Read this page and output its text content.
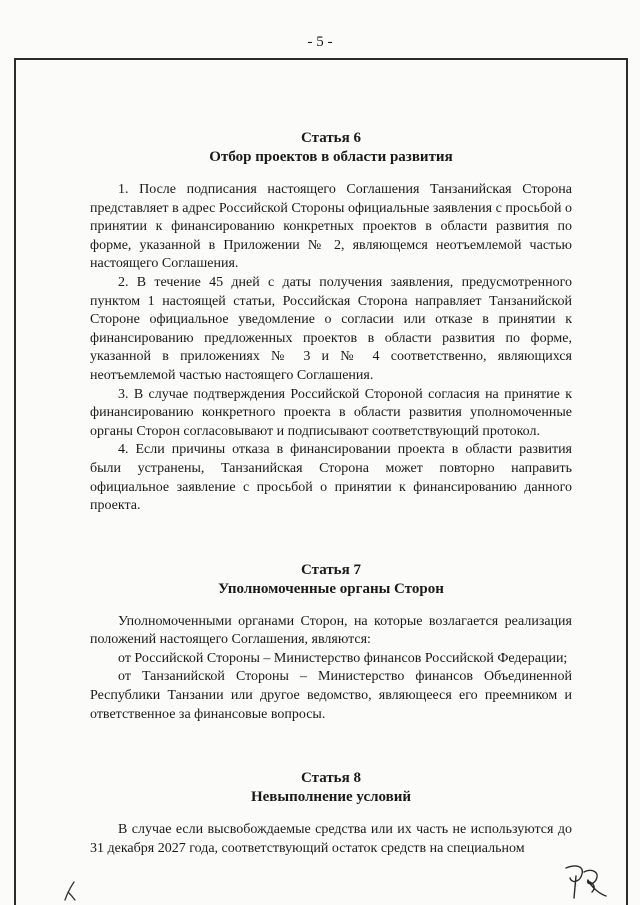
- 5 -

Статья 6

Отбор проектов в области развития

1. После подписания настоящего Соглашения Танзанийская Сторона представляет в адрес Российской Стороны официальные заявления с просьбой о принятии к финансированию конкретных проектов в области развития по форме, указанной в Приложении № 2, являющемся неотъемлемой частью настоящего Соглашения.

2. В течение 45 дней с даты получения заявления, предусмотренного пунктом 1 настоящей статьи, Российская Сторона направляет Танзанийской Стороне официальное уведомление о согласии или отказе в принятии к финансированию предложенных проектов в области развития по форме, указанной в приложениях № 3 и № 4 соответственно, являющихся неотъемлемой частью настоящего Соглашения.

3. В случае подтверждения Российской Стороной согласия на принятие к финансированию конкретного проекта в области развития уполномоченные органы Сторон согласовывают и подписывают соответствующий протокол.

4. Если причины отказа в финансировании проекта в области развития были устранены, Танзанийская Сторона может повторно направить официальное заявление с просьбой о принятии к финансированию данного проекта.

Статья 7

Уполномоченные органы Сторон

Уполномоченными органами Сторон, на которые возлагается реализация положений настоящего Соглашения, являются:

от Российской Стороны – Министерство финансов Российской Федерации;

от Танзанийской Стороны – Министерство финансов Объединенной Республики Танзании или другое ведомство, являющееся его преемником и ответственное за финансовые вопросы.

Статья 8

Невыполнение условий

В случае если высвобождаемые средства или их часть не используются до 31 декабря 2027 года, соответствующий остаток средств на специальном
